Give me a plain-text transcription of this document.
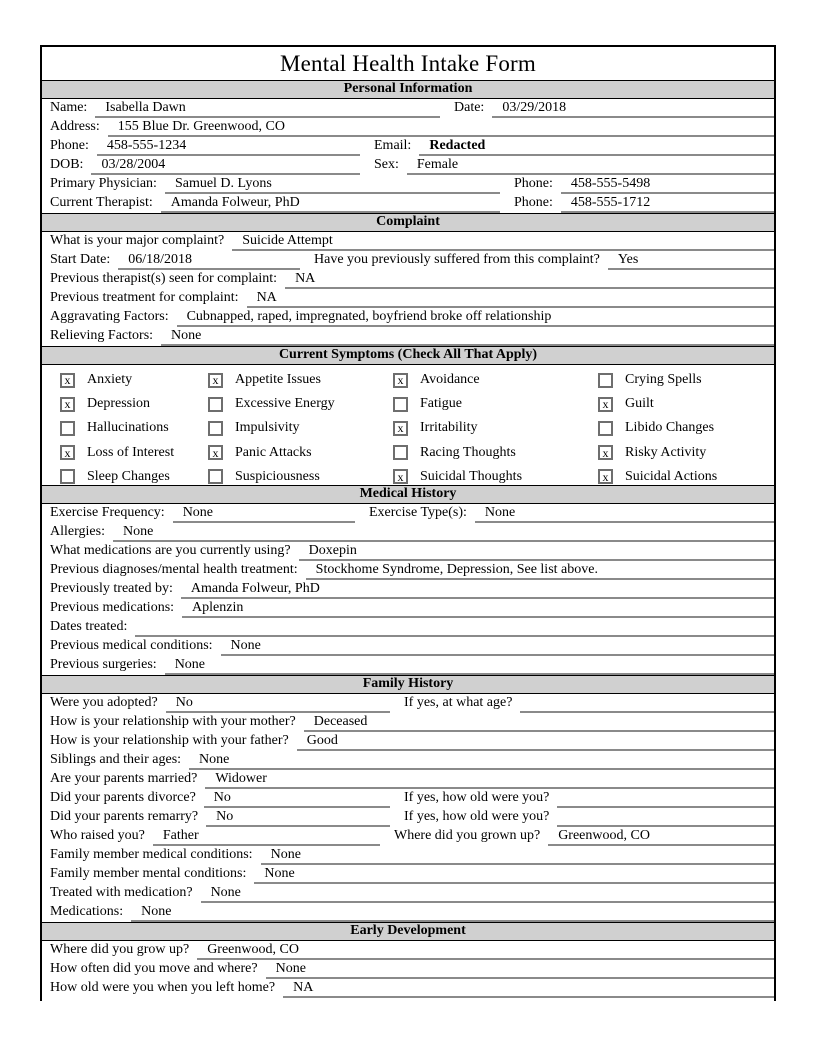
Mental Health Intake Form
Personal Information
Name:	Isabella Dawn	Date:	03/29/2018
Address:	155 Blue Dr. Greenwood, CO
Phone:	458-555-1234	Email:	Redacted
DOB:	03/28/2004	Sex:	Female
Primary Physician:	Samuel D. Lyons	Phone:	458-555-5498
Current Therapist:	Amanda Folweur, PhD	Phone:	458-555-1712
Complaint
What is your major complaint?	Suicide Attempt
Start Date:	06/18/2018	Have you previously suffered from this complaint?	Yes
Previous therapist(s) seen for complaint:	NA
Previous treatment for complaint:	NA
Aggravating Factors:	Cubnapped, raped, impregnated, boyfriend broke off relationship
Relieving Factors:	None
Current Symptoms (Check All That Apply)
x	Anxiety	x	Appetite Issues	x	Avoidance	Crying Spells
x	Depression	Excessive Energy	Fatigue	x	Guilt
Hallucinations	Impulsivity	x	Irritability	Libido Changes
x	Loss of Interest	x	Panic Attacks	Racing Thoughts	x	Risky Activity
Sleep Changes	Suspiciousness	x	Suicidal Thoughts	x	Suicidal Actions
Medical History
Exercise Frequency:	None	Exercise Type(s):	None
Allergies:	None
What medications are you currently using?	Doxepin
Previous diagnoses/mental health treatment:	Stockhome Syndrome, Depression, See list above.
Previously treated by:	Amanda Folweur, PhD
Previous medications:	Aplenzin
Dates treated:
Previous medical conditions:	None
Previous surgeries:	None
Family History
Were you adopted?	No	If yes, at what age?
How is your relationship with your mother?	Deceased
How is your relationship with your father?	Good
Siblings and their ages:	None
Are your parents married?	Widower
Did your parents divorce?	No	If yes, how old were you?
Did your parents remarry?	No	If yes, how old were you?
Who raised you?	Father	Where did you grown up?	Greenwood, CO
Family member medical conditions:	None
Family member mental conditions:	None
Treated with medication?	None
Medications:	None
Early Development
Where did you grow up?	Greenwood, CO
How often did you move and where?	None
How old were you when you left home?	NA
